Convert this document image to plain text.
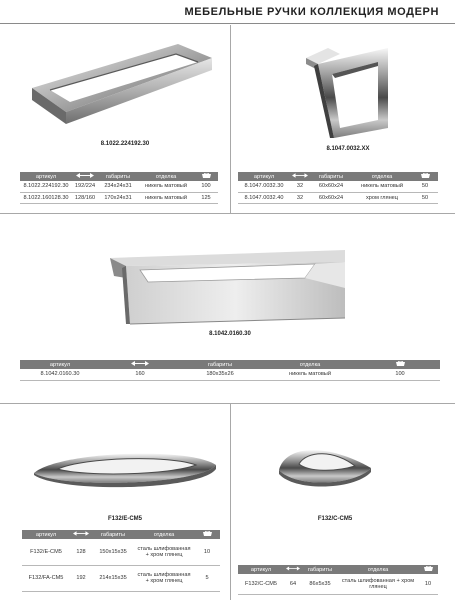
МЕБЕЛЬНЫЕ РУЧКИ КОЛЛЕКЦИЯ МОДЕРН
8.1022.224192.30
артикул		габариты	отделка	
8.1022.224192.30	192/224	234x24x31	никель матовый	100
8.1022.160128.30	128/160	170x24x31	никель матовый	125
8.1047.0032.XX
артикул		габариты	отделка	
8.1047.0032.30	32	60x60x24	никель матовый	50
8.1047.0032.40	32	60x60x24	хром глянец	50
8.1042.0160.30
артикул		габариты	отделка	
8.1042.0160.30	160	180x35x26	никель матовый	100
F132/E-CM5
артикул		габариты	отделка	
F132/E-CM5	128	150x15x35	сталь шлифованная + хром глянец	10
F132/FA-CM5	192	214x15x35	сталь шлифованная + хром глянец	5
F132/C-CM5
артикул		габариты	отделка	
F132/C-CM5	64	86x5x35	сталь шлифованная + хром глянец	10
